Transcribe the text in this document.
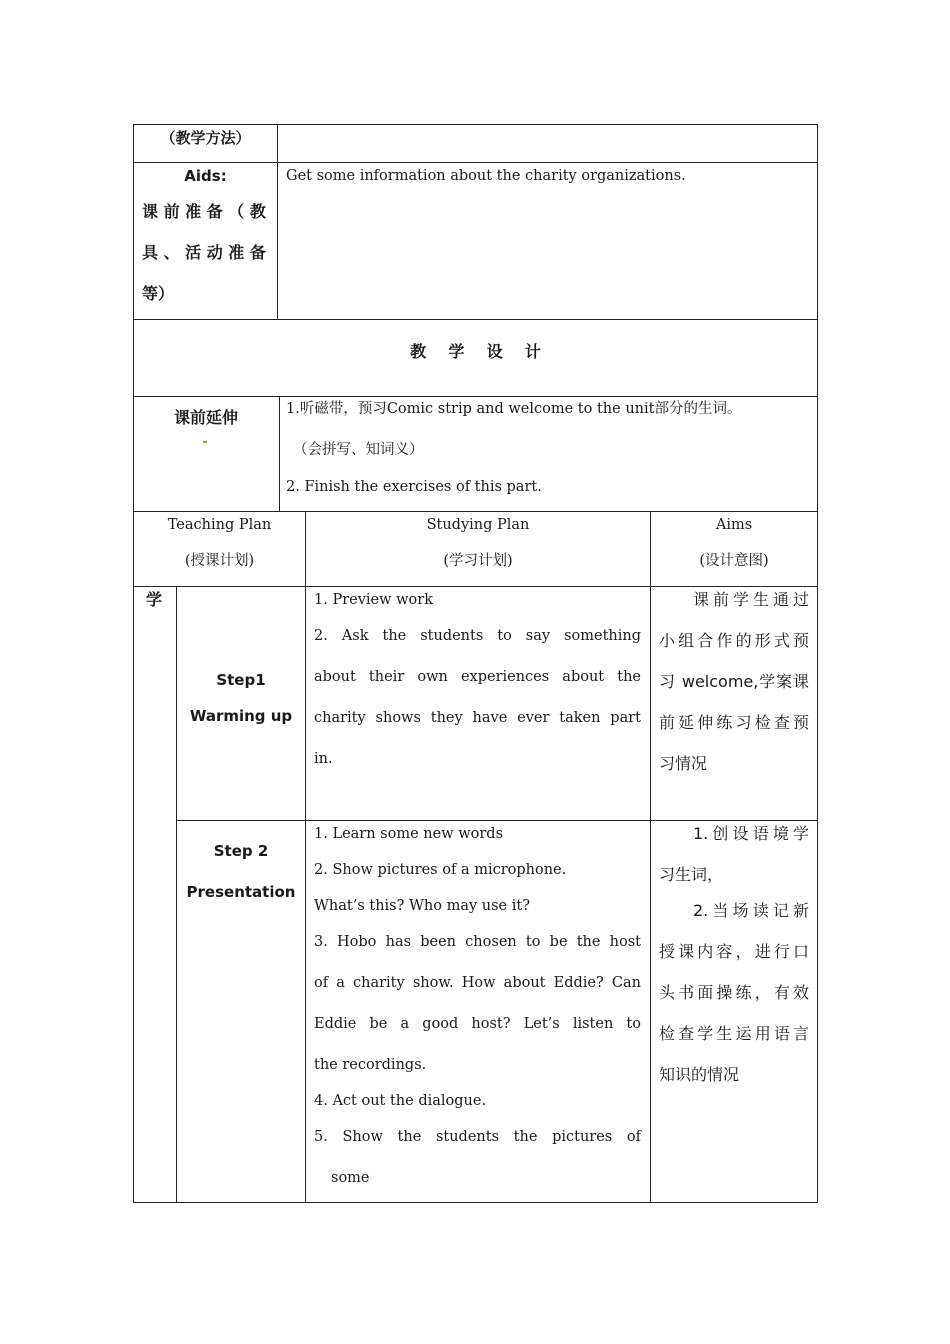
（教学方法）
Aids:
课 前 准 备 （ 教
具 、 活 动 准 备
等）
Get some information about the charity organizations.
教    学    设    计
课前延伸	1.听磁带，预习Comic strip and welcome to the unit部分的生词。
（会拼写、知词义）
2. Finish the exercises of this part.
Teaching Plan
(授课计划)
Studying Plan
(学习计划)
Aims
(设计意图)
学
Step1
Warming up
1. Preview work
2. Ask the students to say something
about their own experiences about the
charity shows they have ever taken part
in.
课前学生通过
小组合作的形式预
习 welcome,学案课
前延伸练习检查预
习情况
Step 2
Presentation
1. Learn some new words
2. Show pictures of a microphone.
What’s this? Who may use it?
3. Hobo has been chosen to be the host
of a charity show. How about Eddie? Can
Eddie be a good host? Let’s listen to
the recordings.
4. Act out the dialogue.
5. Show the students the pictures of
some
1.创设语境学
习生词，
2.当场读记新
授课内容，进行口
头书面操练，有效
检查学生运用语言
知识的情况
